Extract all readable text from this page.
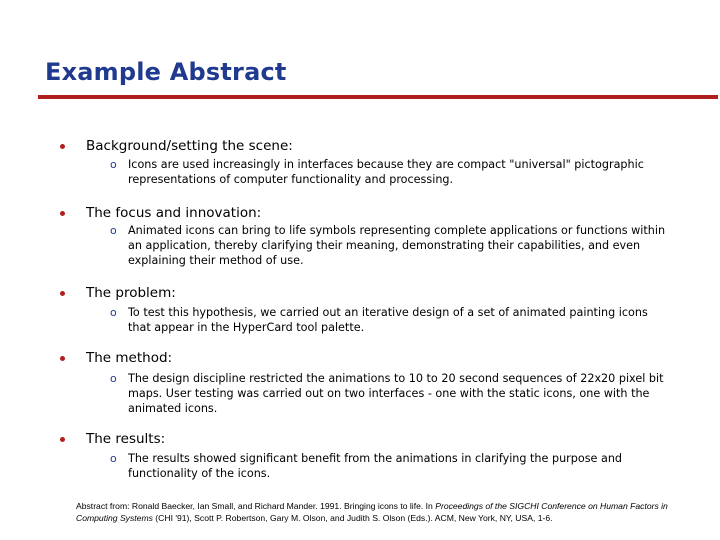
Example Abstract
Background/setting the scene:
o Icons are used increasingly in interfaces because they are compact "universal" pictographic representations of computer functionality and processing.
The focus and innovation:
o Animated icons can bring to life symbols representing complete applications or functions within an application, thereby clarifying their meaning, demonstrating their capabilities, and even explaining their method of use.
The problem:
o To test this hypothesis, we carried out an iterative design of a set of animated painting icons that appear in the HyperCard tool palette.
The method:
o The design discipline restricted the animations to 10 to 20 second sequences of 22x20 pixel bit maps. User testing was carried out on two interfaces - one with the static icons, one with the animated icons.
The results:
o The results showed significant benefit from the animations in clarifying the purpose and functionality of the icons.
Abstract from: Ronald Baecker, Ian Small, and Richard Mander. 1991. Bringing icons to life. In Proceedings of the SIGCHI Conference on Human Factors in Computing Systems (CHI '91), Scott P. Robertson, Gary M. Olson, and Judith S. Olson (Eds.). ACM, New York, NY, USA, 1-6.
